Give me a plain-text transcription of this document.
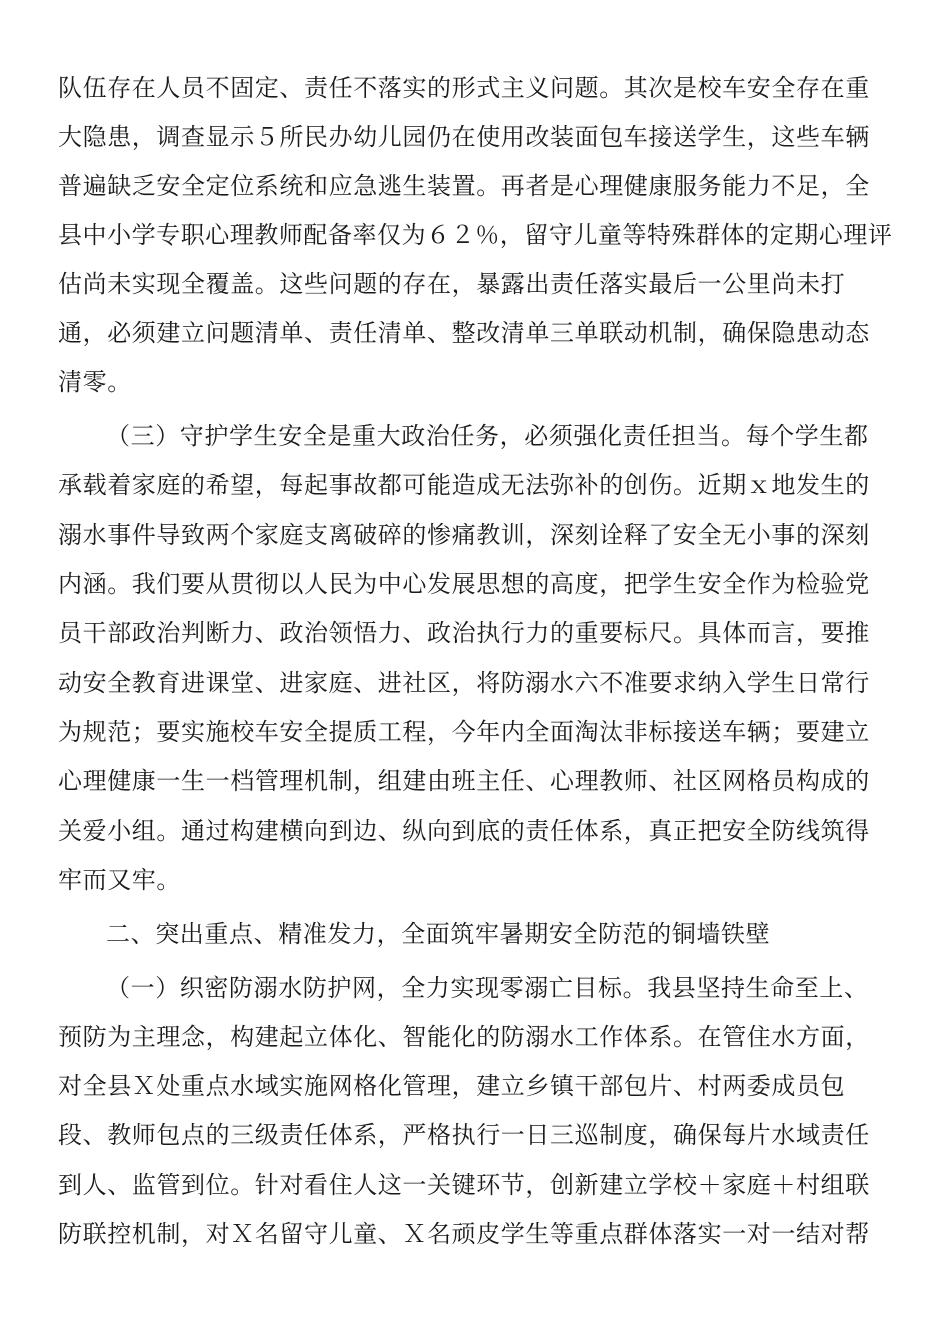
队伍存在人员不固定、责任不落实的形式主义问题。其次是校车安全存在重
大隐患，调查显示５所民办幼儿园仍在使用改装面包车接送学生，这些车辆
普遍缺乏安全定位系统和应急逃生装置。再者是心理健康服务能力不足，全
县中小学专职心理教师配备率仅为６２％，留守儿童等特殊群体的定期心理评
估尚未实现全覆盖。这些问题的存在，暴露出责任落实最后一公里尚未打
通，必须建立问题清单、责任清单、整改清单三单联动机制，确保隐患动态
清零。
（三）守护学生安全是重大政治任务，必须强化责任担当。每个学生都
承载着家庭的希望，每起事故都可能造成无法弥补的创伤。近期ｘ地发生的
溺水事件导致两个家庭支离破碎的惨痛教训，深刻诠释了安全无小事的深刻
内涵。我们要从贯彻以人民为中心发展思想的高度，把学生安全作为检验党
员干部政治判断力、政治领悟力、政治执行力的重要标尺。具体而言，要推
动安全教育进课堂、进家庭、进社区，将防溺水六不准要求纳入学生日常行
为规范；要实施校车安全提质工程，今年内全面淘汰非标接送车辆；要建立
心理健康一生一档管理机制，组建由班主任、心理教师、社区网格员构成的
关爱小组。通过构建横向到边、纵向到底的责任体系，真正把安全防线筑得
牢而又牢。
二、突出重点、精准发力，全面筑牢暑期安全防范的铜墙铁壁
（一）织密防溺水防护网，全力实现零溺亡目标。我县坚持生命至上、
预防为主理念，构建起立体化、智能化的防溺水工作体系。在管住水方面，
对全县Ｘ处重点水域实施网格化管理，建立乡镇干部包片、村两委成员包
段、教师包点的三级责任体系，严格执行一日三巡制度，确保每片水域责任
到人、监管到位。针对看住人这一关键环节，创新建立学校＋家庭＋村组联
防联控机制，对Ｘ名留守儿童、Ｘ名顽皮学生等重点群体落实一对一结对帮
